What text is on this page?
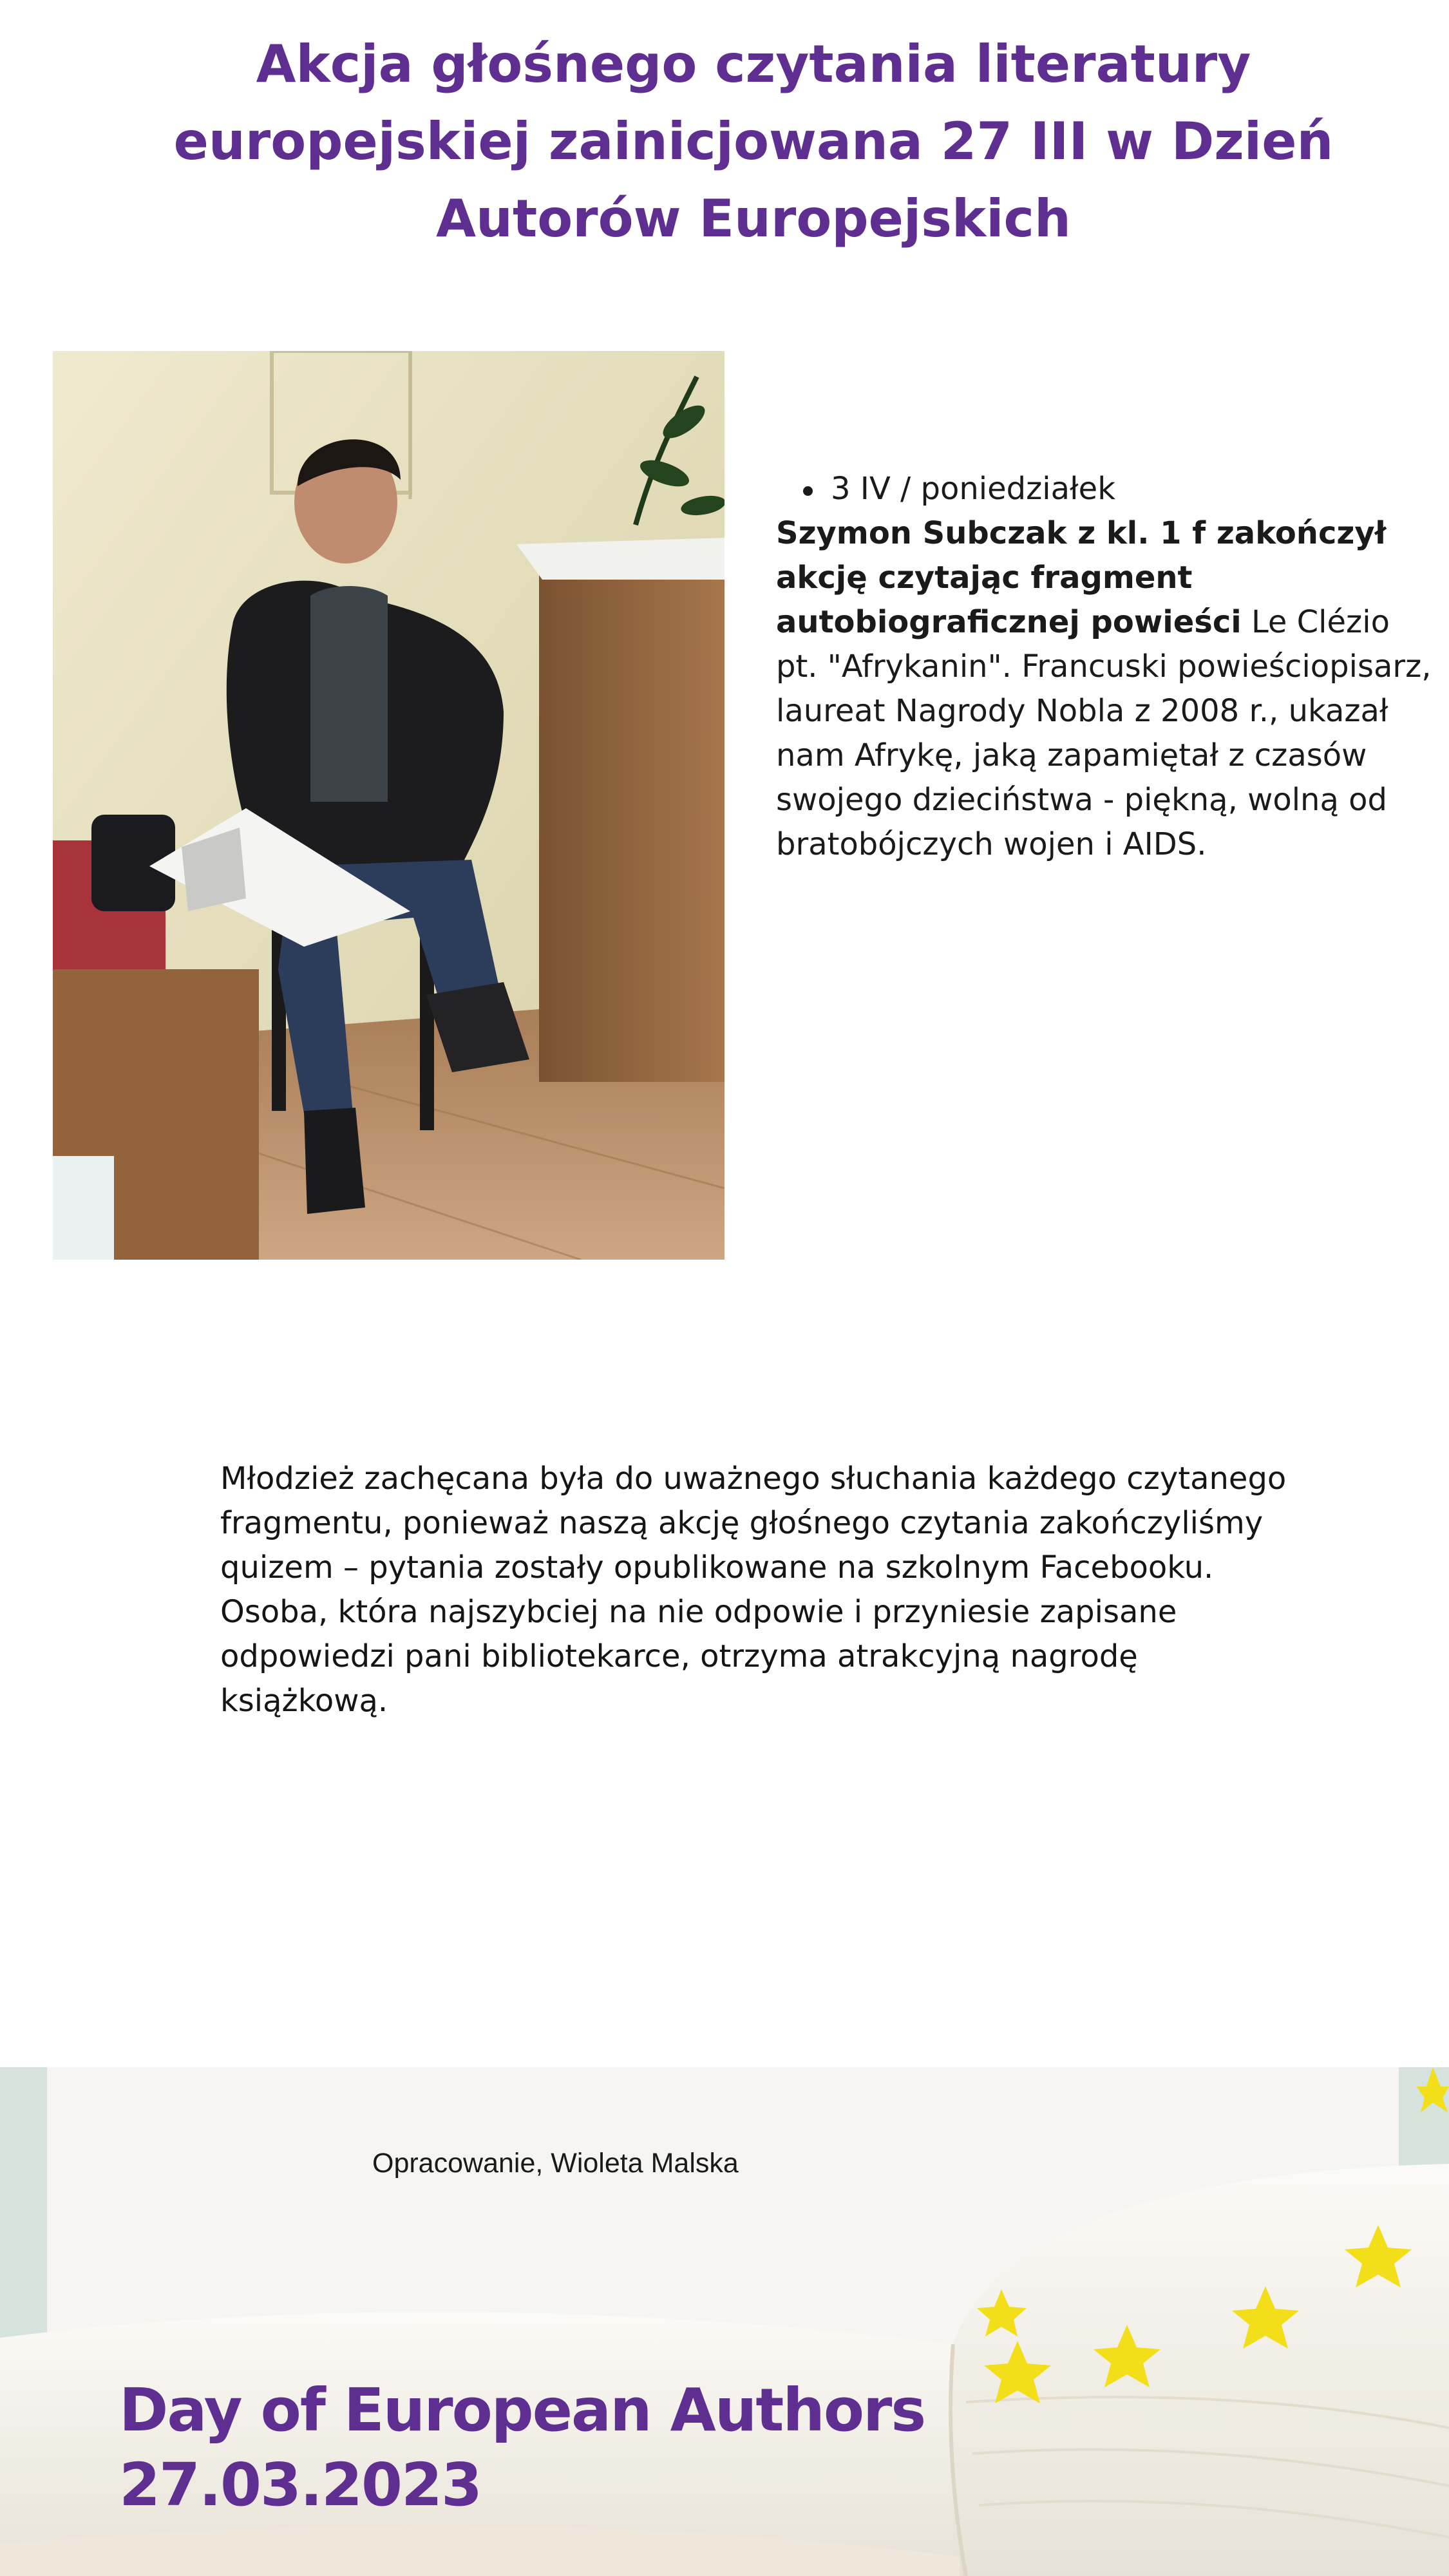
Akcja głośnego czytania literatury europejskiej zainicjowana 27 III w Dzień Autorów Europejskich
3 IV / poniedziałek

Szymon Subczak z kl. 1 f zakończył akcję czytając fragment autobiograficznej powieści Le Clézio pt. "Afrykanin". Francuski powieściopisarz, laureat Nagrody Nobla z 2008 r., ukazał nam Afrykę, jaką zapamiętał z czasów swojego dzieciństwa - piękną, wolną od bratobójczych wojen i AIDS.

Młodzież zachęcana była do uważnego słuchania każdego czytanego fragmentu, ponieważ naszą akcję głośnego czytania zakończyliśmy quizem – pytania zostały opublikowane na szkolnym Facebooku. Osoba, która najszybciej na nie odpowie i przyniesie zapisane odpowiedzi pani bibliotekarce, otrzyma atrakcyjną nagrodę książkową.

Opracowanie, Wioleta Malska
Day of European Authors
27.03.2023
